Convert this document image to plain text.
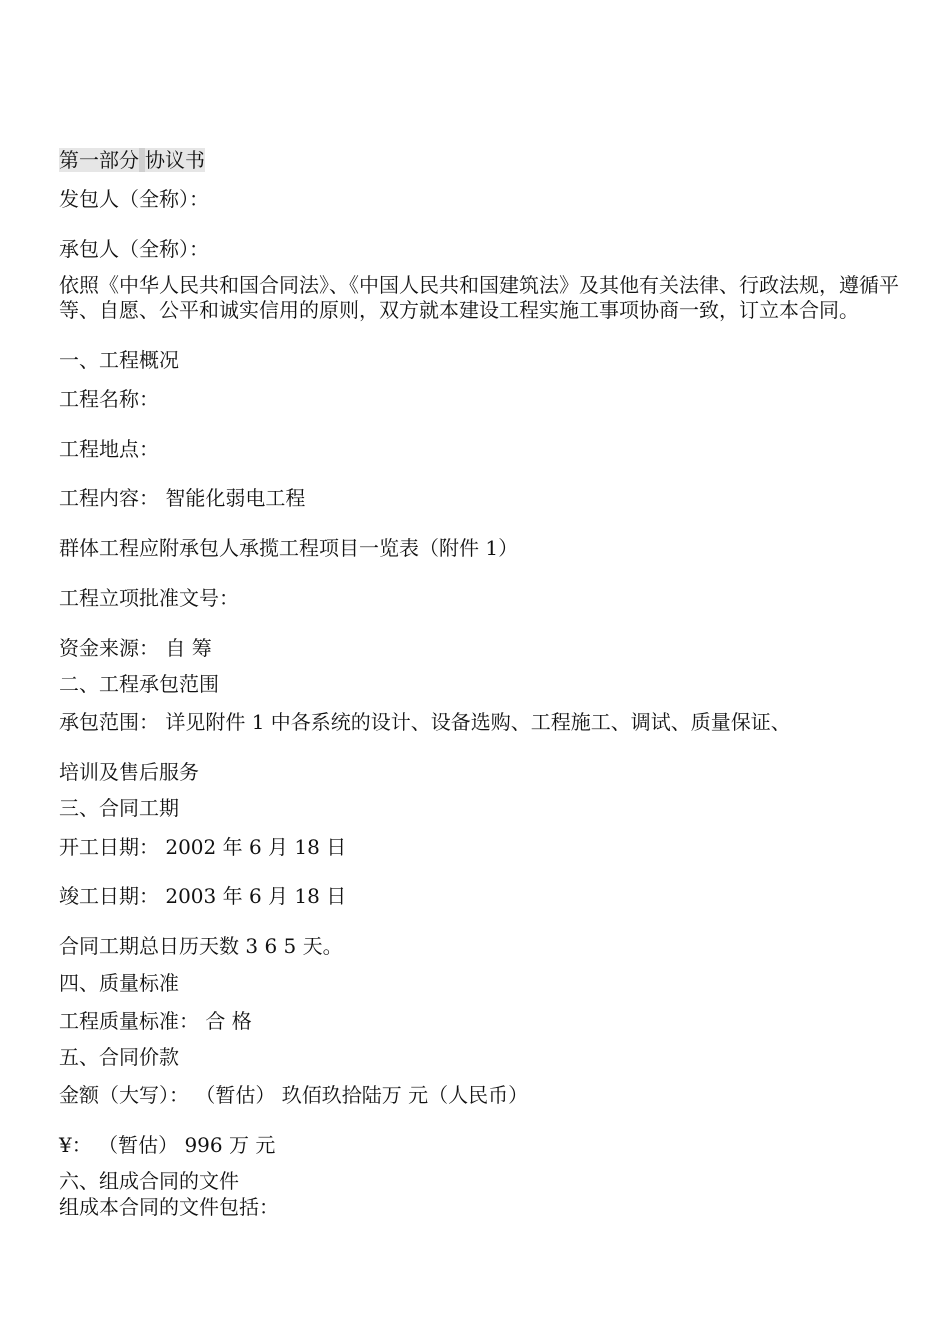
第一部分 协议书
发包人（全称）：
承包人（全称）：
依照《中华人民共和国合同法》、《中国人民共和国建筑法》及其他有关法律、行政法规，遵循平等、自愿、公平和诚实信用的原则，双方就本建设工程实施工事项协商一致，订立本合同。
一、工程概况
工程名称：
工程地点：
工程内容： 智能化弱电工程
群体工程应附承包人承揽工程项目一览表（附件 1）
工程立项批准文号：
资金来源： 自 筹
二、工程承包范围
承包范围： 详见附件 1 中各系统的设计、设备选购、工程施工、调试、质量保证、
培训及售后服务
三、合同工期
开工日期： 2002 年 6 月 18 日
竣工日期： 2003 年 6 月 18 日
合同工期总日历天数 3 6 5 天。
四、质量标准
工程质量标准： 合 格
五、合同价款
金额（大写）： （暂估） 玖佰玖拾陆万 元（人民币）
¥： （暂估） 996 万 元
六、组成合同的文件
组成本合同的文件包括：
